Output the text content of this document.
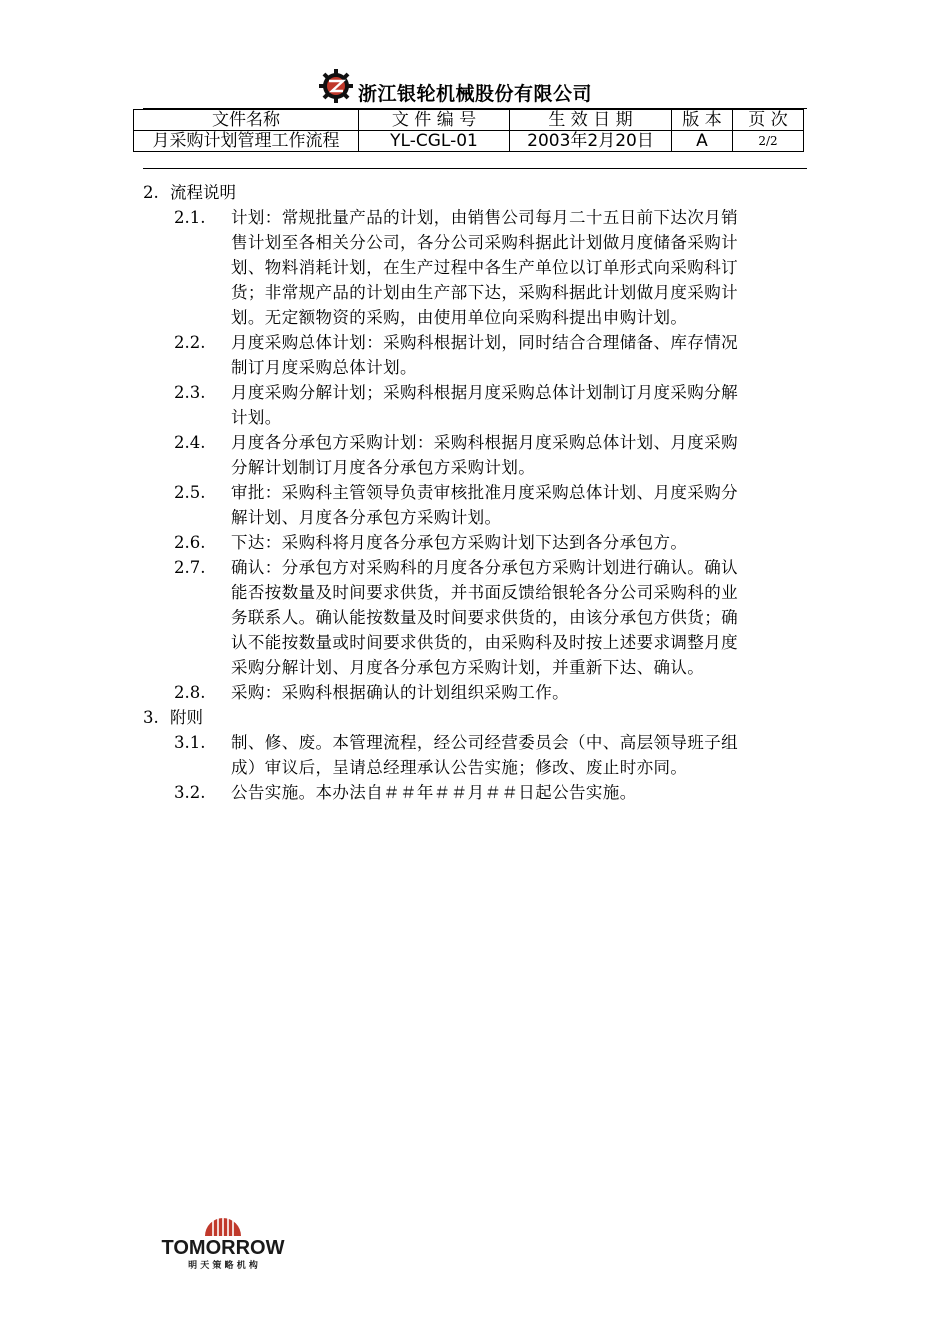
浙江银轮机械股份有限公司
文件名称	文 件 编 号	生 效 日 期	版 本	页 次
月采购计划管理工作流程	YL-CGL-01	2003年2月20日	A	2/2
2. 流程说明
2.1.	计划：常规批量产品的计划，由销售公司每月二十五日前下达次月销
售计划至各相关分公司，各分公司采购科据此计划做月度储备采购计
划、物料消耗计划，在生产过程中各生产单位以订单形式向采购科订
货；非常规产品的计划由生产部下达，采购科据此计划做月度采购计
划。无定额物资的采购，由使用单位向采购科提出申购计划。
2.2.	月度采购总体计划：采购科根据计划，同时结合合理储备、库存情况
制订月度采购总体计划。
2.3.	月度采购分解计划；采购科根据月度采购总体计划制订月度采购分解
计划。
2.4.	月度各分承包方采购计划：采购科根据月度采购总体计划、月度采购
分解计划制订月度各分承包方采购计划。
2.5.	审批：采购科主管领导负责审核批准月度采购总体计划、月度采购分
解计划、月度各分承包方采购计划。
2.6.	下达：采购科将月度各分承包方采购计划下达到各分承包方。
2.7.	确认：分承包方对采购科的月度各分承包方采购计划进行确认。确认
能否按数量及时间要求供货，并书面反馈给银轮各分公司采购科的业
务联系人。确认能按数量及时间要求供货的，由该分承包方供货；确
认不能按数量或时间要求供货的，由采购科及时按上述要求调整月度
采购分解计划、月度各分承包方采购计划，并重新下达、确认。
2.8.	采购：采购科根据确认的计划组织采购工作。
3. 附则
3.1.	制、修、废。本管理流程，经公司经营委员会（中、高层领导班子组
成）审议后，呈请总经理承认公告实施；修改、废止时亦同。
3.2.	公告实施。本办法自＃＃年＃＃月＃＃日起公告实施。
TOMORROW
明 天 策 略 机 构
